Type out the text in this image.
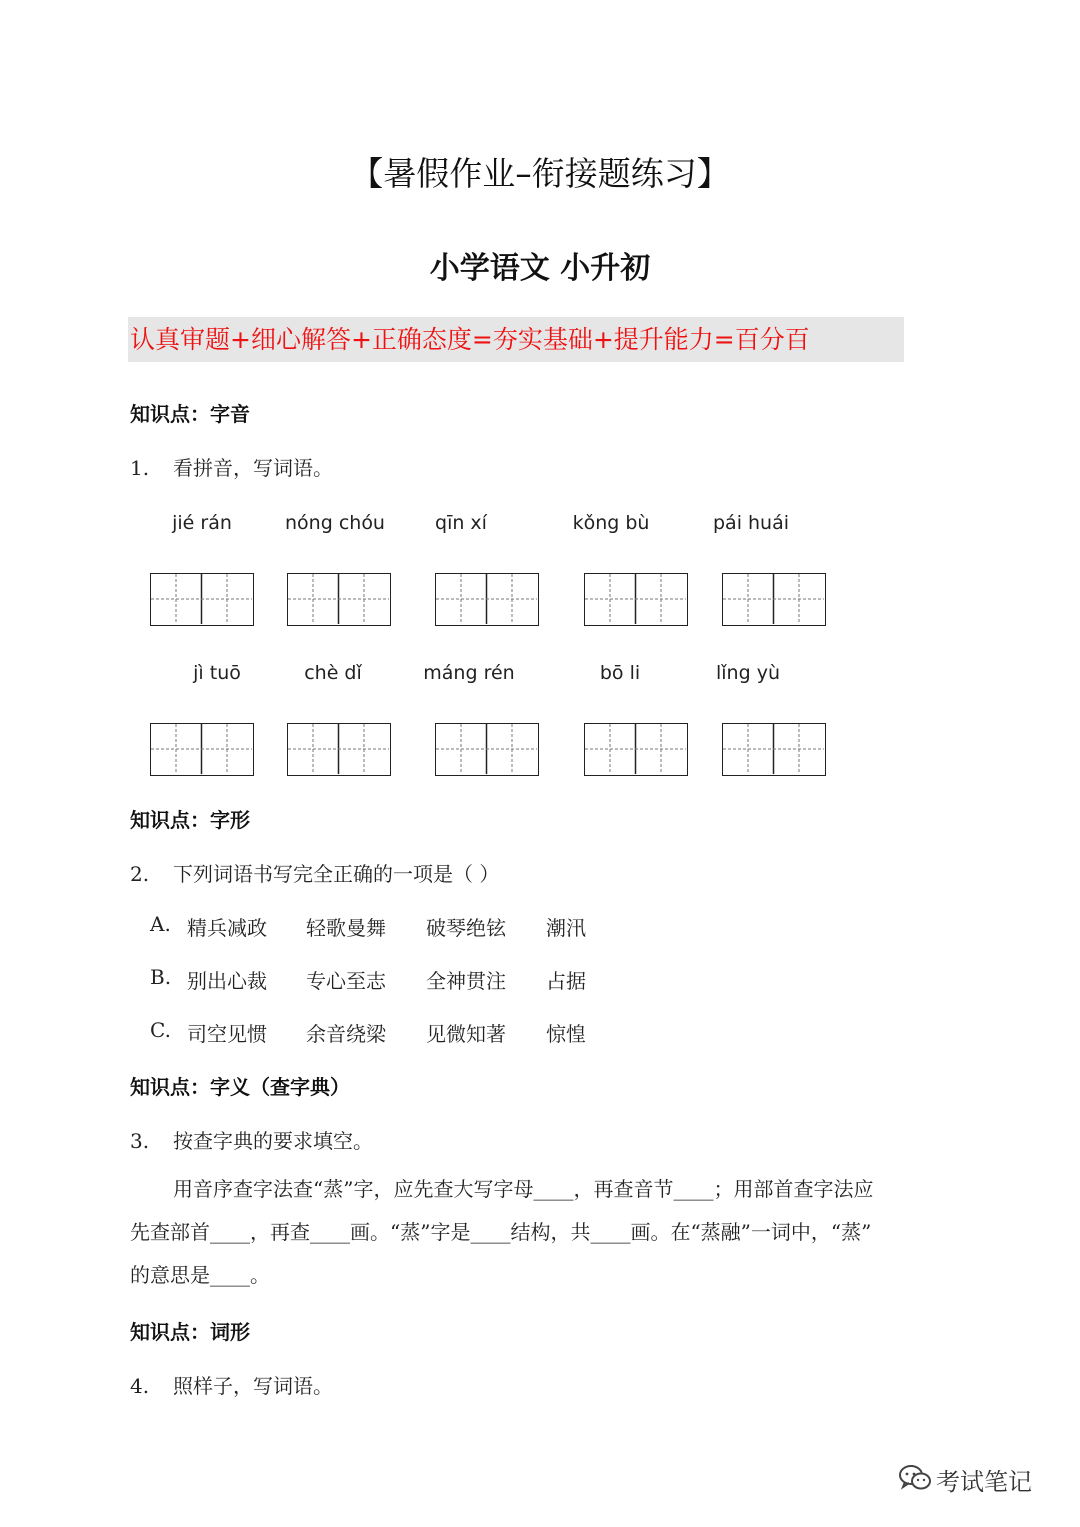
【暑假作业–衔接题练习】
小学语文 小升初
认真审题+细心解答+正确态度=夯实基础+提升能力=百分百
知识点：字音
1. 看拼音，写词语。
jié rán	nóng chóu	qīn xí	kǒng bù	pái huái
jì tuō	chè dǐ	máng rén	bō li	lǐng yù
知识点：字形
2. 下列词语书写完全正确的一项是（ ）
A. 精兵减政 轻歌曼舞 破琴绝铉 潮汛
B. 别出心裁 专心至志 全神贯注 占据
C. 司空见惯 余音绕梁 见微知著 惊惶
知识点：字义（查字典）
3. 按查字典的要求填空。
用音序查字法查“蒸”字，应先查大写字母____，再查音节____；用部首查字法应
先查部首____，再查____画。“蒸”字是____结构，共____画。在“蒸融”一词中，“蒸”
的意思是____。
知识点：词形
4. 照样子，写词语。
考试笔记
